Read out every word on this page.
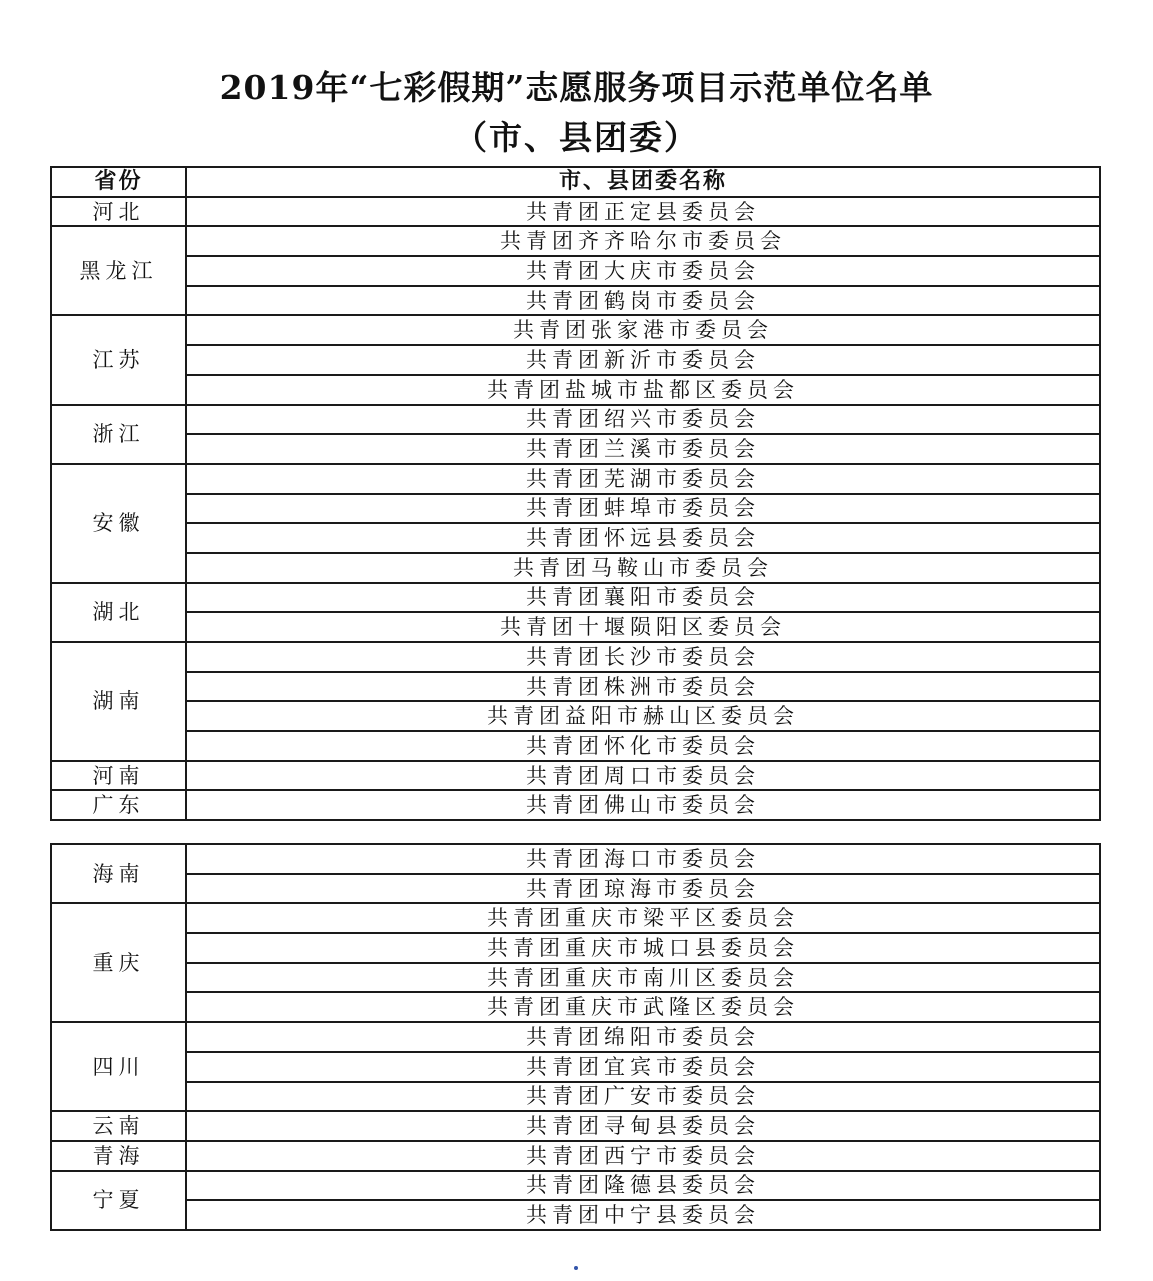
2019年“七彩假期”志愿服务项目示范单位名单
（市、县团委）
省份	市、县团委名称
河北	共青团正定县委员会
黑龙江	共青团齐齐哈尔市委员会
	共青团大庆市委员会
	共青团鹤岗市委员会
江苏	共青团张家港市委员会
	共青团新沂市委员会
	共青团盐城市盐都区委员会
浙江	共青团绍兴市委员会
	共青团兰溪市委员会
安徽	共青团芜湖市委员会
	共青团蚌埠市委员会
	共青团怀远县委员会
	共青团马鞍山市委员会
湖北	共青团襄阳市委员会
	共青团十堰陨阳区委员会
湖南	共青团长沙市委员会
	共青团株洲市委员会
	共青团益阳市赫山区委员会
	共青团怀化市委员会
河南	共青团周口市委员会
广东	共青团佛山市委员会
海南	共青团海口市委员会
	共青团琼海市委员会
重庆	共青团重庆市梁平区委员会
	共青团重庆市城口县委员会
	共青团重庆市南川区委员会
	共青团重庆市武隆区委员会
四川	共青团绵阳市委员会
	共青团宜宾市委员会
	共青团广安市委员会
云南	共青团寻甸县委员会
青海	共青团西宁市委员会
宁夏	共青团隆德县委员会
	共青团中宁县委员会
